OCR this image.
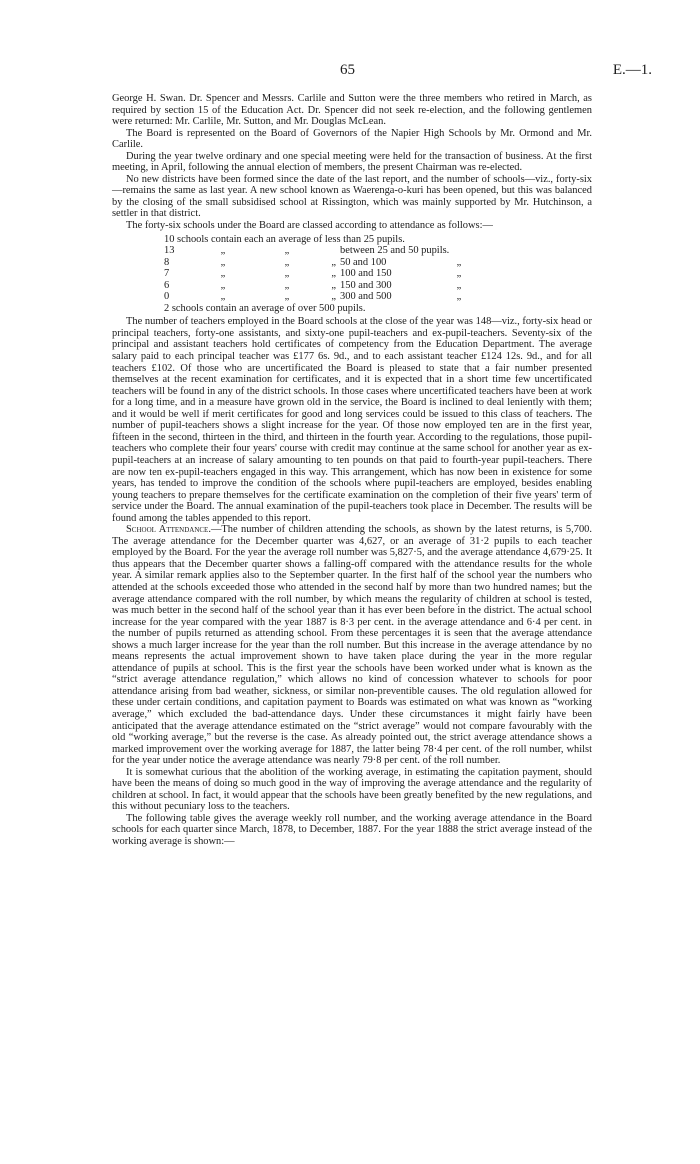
65	E.—1.

George H. Swan. Dr. Spencer and Messrs. Carlile and Sutton were the three members who retired in March, as required by section 15 of the Education Act. Dr. Spencer did not seek re-election, and the following gentlemen were returned: Mr. Carlile, Mr. Sutton, and Mr. Douglas McLean.

The Board is represented on the Board of Governors of the Napier High Schools by Mr. Ormond and Mr. Carlile.

During the year twelve ordinary and one special meeting were held for the transaction of business. At the first meeting, in April, following the annual election of members, the present Chairman was re-elected.

No new districts have been formed since the date of the last report, and the number of schools—viz., forty-six—remains the same as last year. A new school known as Waerenga-o-kuri has been opened, but this was balanced by the closing of the small subsidised school at Rissington, which was mainly supported by Mr. Hutchinson, a settler in that district.

The forty-six schools under the Board are classed according to attendance as follows:—

10 schools contain each an average of less than 25 pupils.
13	„	„	between 25 and 50 pupils.
8	„	„	„ 50 and 100	„
7	„	„	„ 100 and 150	„
6	„	„	„ 150 and 300	„
0	„	„	„ 300 and 500	„
2 schools contain an average of over 500 pupils.

The number of teachers employed in the Board schools at the close of the year was 148—viz., forty-six head or principal teachers, forty-one assistants, and sixty-one pupil-teachers and ex-pupil-teachers. Seventy-six of the principal and assistant teachers hold certificates of competency from the Education Department. The average salary paid to each principal teacher was £177 6s. 9d., and to each assistant teacher £124 12s. 9d., and for all teachers £102. Of those who are uncertificated the Board is pleased to state that a fair number presented themselves at the recent examination for certificates, and it is expected that in a short time few uncertificated teachers will be found in any of the district schools. In those cases where uncertificated teachers have been at work for a long time, and in a measure have grown old in the service, the Board is inclined to deal leniently with them; and it would be well if merit certificates for good and long services could be issued to this class of teachers. The number of pupil-teachers shows a slight increase for the year. Of those now employed ten are in the first year, fifteen in the second, thirteen in the third, and thirteen in the fourth year. According to the regulations, those pupil-teachers who complete their four years' course with credit may continue at the same school for another year as ex-pupil-teachers at an increase of salary amounting to ten pounds on that paid to fourth-year pupil-teachers. There are now ten ex-pupil-teachers engaged in this way. This arrangement, which has now been in existence for some years, has tended to improve the condition of the schools where pupil-teachers are employed, besides enabling young teachers to prepare themselves for the certificate examination on the completion of their five years' term of service under the Board. The annual examination of the pupil-teachers took place in December. The results will be found among the tables appended to this report.

School Attendance.—The number of children attending the schools, as shown by the latest returns, is 5,700. The average attendance for the December quarter was 4,627, or an average of 31·2 pupils to each teacher employed by the Board. For the year the average roll number was 5,827·5, and the average attendance 4,679·25. It thus appears that the December quarter shows a falling-off compared with the attendance results for the whole year. A similar remark applies also to the September quarter. In the first half of the school year the numbers who attended at the schools exceeded those who attended in the second half by more than two hundred names; but the average attendance compared with the roll number, by which means the regularity of children at school is tested, was much better in the second half of the school year than it has ever been before in the district. The actual school increase for the year compared with the year 1887 is 8·3 per cent. in the average attendance and 6·4 per cent. in the number of pupils returned as attending school. From these percentages it is seen that the average attendance shows a much larger increase for the year than the roll number. But this increase in the average attendance by no means represents the actual improvement shown to have taken place during the year in the more regular attendance of pupils at school. This is the first year the schools have been worked under what is known as the “strict average attendance regulation,” which allows no kind of concession whatever to schools for poor attendance arising from bad weather, sickness, or similar non-preventible causes. The old regulation allowed for these under certain conditions, and capitation payment to Boards was estimated on what was known as “working average,” which excluded the bad-attendance days. Under these circumstances it might fairly have been anticipated that the average attendance estimated on the “strict average” would not compare favourably with the old “working average,” but the reverse is the case. As already pointed out, the strict average attendance shows a marked improvement over the working average for 1887, the latter being 78·4 per cent. of the roll number, whilst for the year under notice the average attendance was nearly 79·8 per cent. of the roll number.

It is somewhat curious that the abolition of the working average, in estimating the capitation payment, should have been the means of doing so much good in the way of improving the average attendance and the regularity of children at school. In fact, it would appear that the schools have been greatly benefited by the new regulations, and this without pecuniary loss to the teachers.

The following table gives the average weekly roll number, and the working average attendance in the Board schools for each quarter since March, 1878, to December, 1887. For the year 1888 the strict average instead of the working average is shown:—
